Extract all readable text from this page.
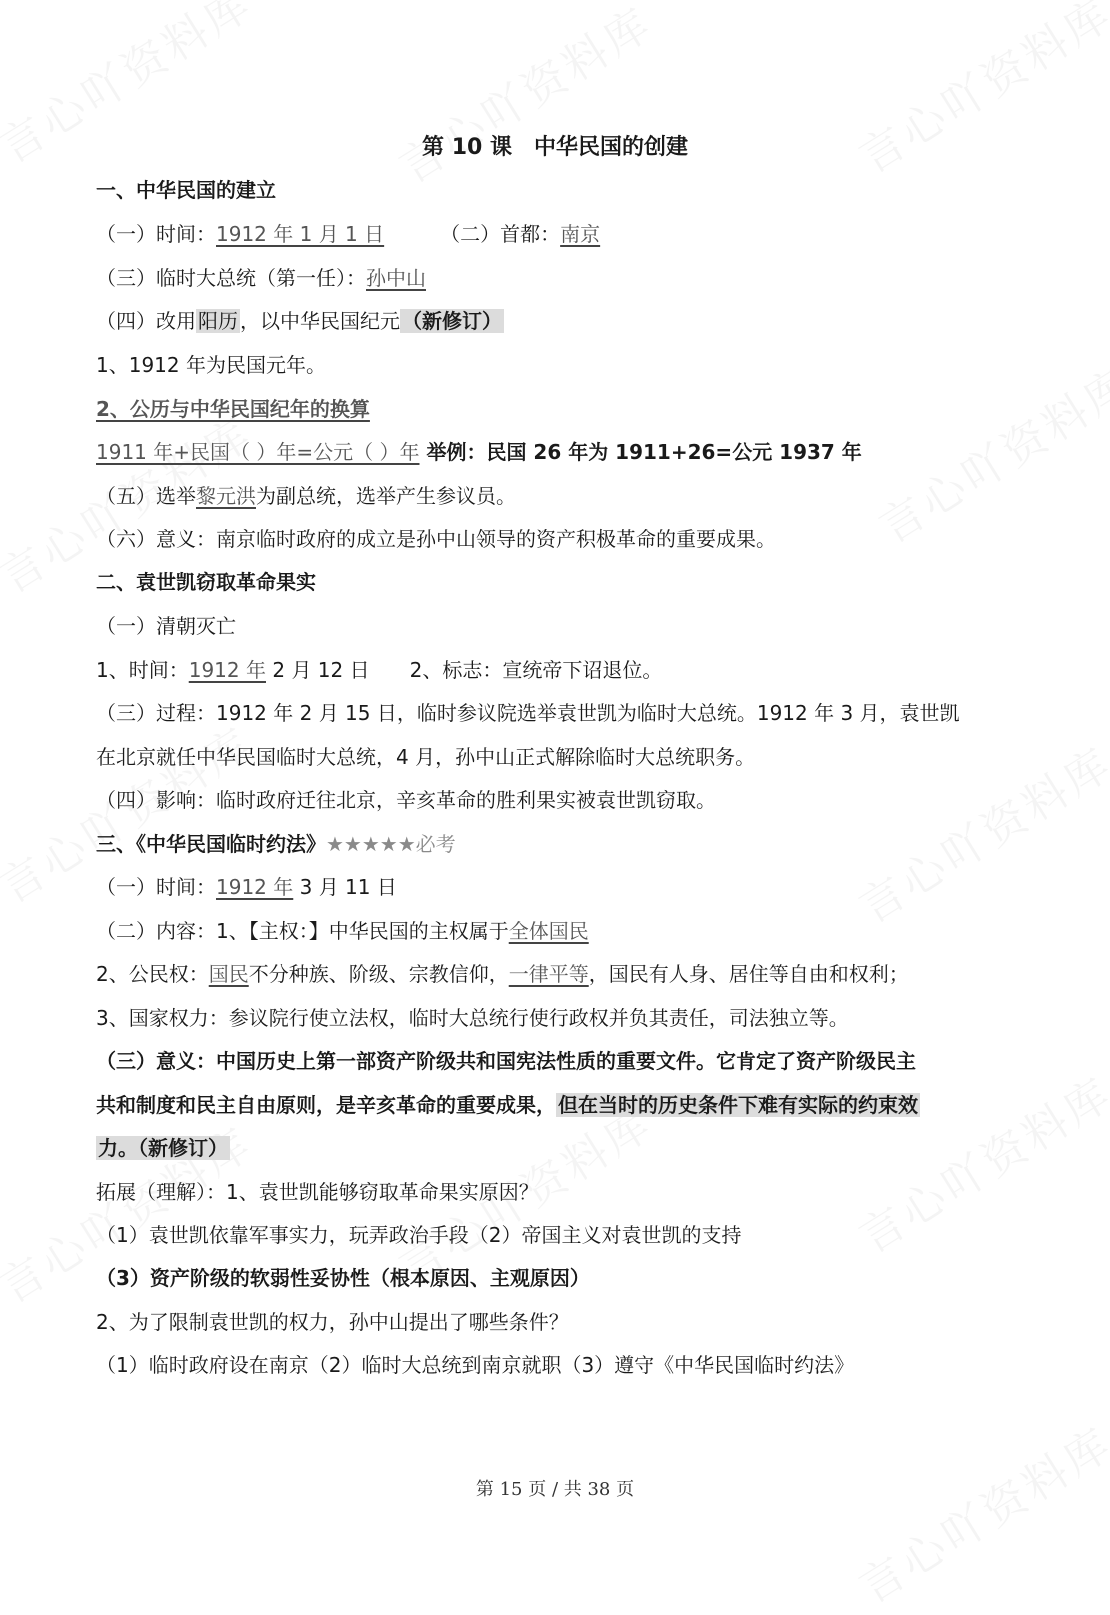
第 10 课　中华民国的创建
一、中华民国的建立
（一）时间：1912 年 1 月 1 日	（二）首都：南京
（三）临时大总统（第一任）：孙中山
（四）改用 阳历 ，以中华民国纪元 （新修订）
1、1912 年为民国元年。
2、公历与中华民国纪年的换算
1911 年+民国（ ）年=公元（ ）年 举例：民国 26 年为 1911+26=公元 1937 年
（五）选举黎元洪为副总统，选举产生参议员。
（六）意义：南京临时政府的成立是孙中山领导的资产积极革命的重要成果。
二、袁世凯窃取革命果实
（一）清朝灭亡
1、时间：1912 年 2 月 12 日　　2、标志：宣统帝下诏退位。
（三）过程：1912 年 2 月 15 日，临时参议院选举袁世凯为临时大总统。1912 年 3 月，袁世凯
在北京就任中华民国临时大总统，4 月，孙中山正式解除临时大总统职务。
（四）影响：临时政府迁往北京，辛亥革命的胜利果实被袁世凯窃取。
三、《中华民国临时约法》★★★★★必考
（一）时间：1912 年 3 月 11 日
（二）内容：1、【主权：】中华民国的主权属于全体国民
2、公民权：国民不分种族、阶级、宗教信仰，一律平等，国民有人身、居住等自由和权利；
3、国家权力：参议院行使立法权，临时大总统行使行政权并负其责任，司法独立等。
（三）意义：中国历史上第一部资产阶级共和国宪法性质的重要文件。它肯定了资产阶级民主
共和制度和民主自由原则，是辛亥革命的重要成果， 但在当时的历史条件下难有实际的约束效
力。（新修订）
拓展（理解）：1、袁世凯能够窃取革命果实原因？
（1）袁世凯依靠军事实力，玩弄政治手段（2）帝国主义对袁世凯的支持
（3）资产阶级的软弱性妥协性（根本原因、主观原因）
2、为了限制袁世凯的权力，孙中山提出了哪些条件？
（1）临时政府设在南京（2）临时大总统到南京就职（3）遵守《中华民国临时约法》
第 15 页 / 共 38 页
